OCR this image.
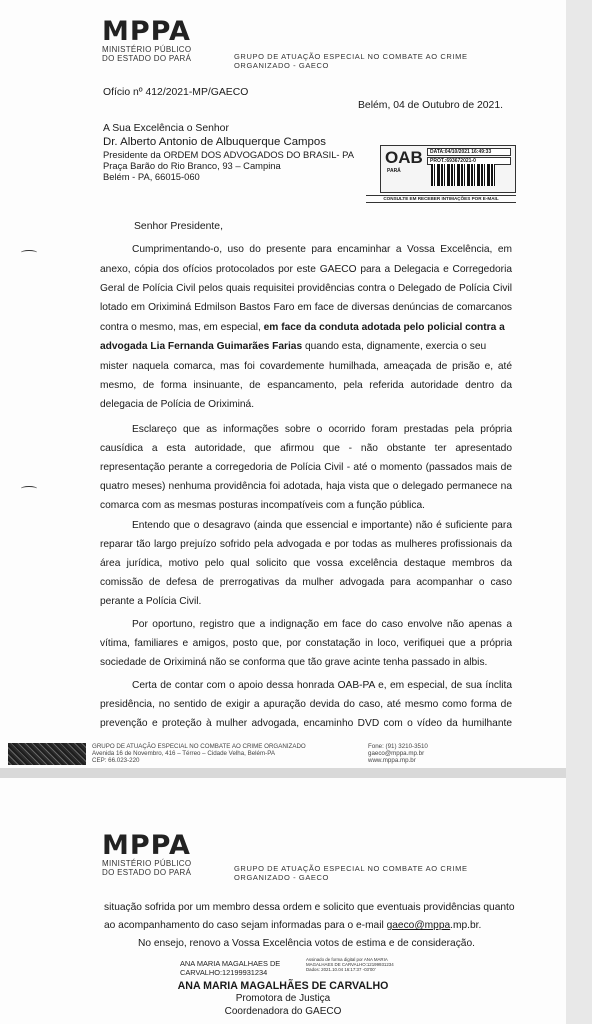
MPPA
MINISTÉRIO PÚBLICO
DO ESTADO DO PARÁ	GRUPO DE ATUAÇÃO ESPECIAL NO COMBATE AO CRIME
ORGANIZADO - GAECO
Ofício nº 412/2021-MP/GAECO
Belém, 04 de Outubro de 2021.
A Sua Excelência o Senhor
Dr. Alberto Antonio de Albuquerque Campos
Presidente da ORDEM DOS ADVOGADOS DO BRASIL- PA
Praça Barão do Rio Branco, 93 – Campina
Belém - PA, 66015-060
OAB
PARÁ
DATA:04/10/2021 16:49:33
PROT.:693672021-0
CONSULTE EM RECEBER INTIMAÇÕES POR E-MAIL
Senhor Presidente,
Cumprimentando-o, uso do presente para encaminhar a Vossa Excelência, em
anexo, cópia dos ofícios protocolados por este GAECO para a Delegacia e Corregedoria
Geral de Polícia Civil pelos quais requisitei providências contra o Delegado de Polícia Civil
lotado em Oriximiná Edmilson Bastos Faro em face de diversas denúncias de comarcanos
contra o mesmo, mas, em especial, em face da conduta adotada pelo policial contra a
advogada Lia Fernanda Guimarães Farias quando esta, dignamente, exercia o seu
mister naquela comarca, mas foi covardemente humilhada, ameaçada de prisão e, até
mesmo, de forma insinuante, de espancamento, pela referida autoridade dentro da
delegacia de Polícia de Oriximiná.
Esclareço que as informações sobre o ocorrido foram prestadas pela própria
causídica a esta autoridade, que afirmou que - não obstante ter apresentado
representação perante a corregedoria de Polícia Civil - até o momento (passados mais de
quatro meses) nenhuma providência foi adotada, haja vista que o delegado permanece na
comarca com as mesmas posturas incompatíveis com a função pública.
Entendo que o desagravo (ainda que essencial e importante) não é suficiente para
reparar tão largo prejuízo sofrido pela advogada e por todas as mulheres profissionais da
área jurídica, motivo pelo qual solicito que vossa excelência destaque membros da
comissão de defesa de prerrogativas da mulher advogada para acompanhar o caso
perante a Polícia Civil.
Por oportuno, registro que a indignação em face do caso envolve não apenas a
vítima, familiares e amigos, posto que, por constatação in loco, verifiquei que a própria
sociedade de Oriximiná não se conforma que tão grave acinte tenha passado in albis.
Certa de contar com o apoio dessa honrada OAB-PA e, em especial, de sua ínclita
presidência, no sentido de exigir a apuração devida do caso, até mesmo como forma de
prevenção e proteção à mulher advogada, encaminho DVD com o vídeo da humilhante
GRUPO DE ATUAÇÃO ESPECIAL NO COMBATE AO CRIME ORGANIZADO
Avenida 16 de Novembro, 416 – Térreo – Cidade Velha, Belém-PA
CEP: 66.023-220
Fone: (91) 3210-3510
gaeco@mppa.mp.br
www.mppa.mp.br
MPPA
MINISTÉRIO PÚBLICO
DO ESTADO DO PARÁ	GRUPO DE ATUAÇÃO ESPECIAL NO COMBATE AO CRIME
ORGANIZADO - GAECO
situação sofrida por um membro dessa ordem e solicito que eventuais providências quanto
ao acompanhamento do caso sejam informadas para o e-mail gaeco@mppa.mp.br.
No ensejo, renovo a Vossa Excelência votos de estima e de consideração.
ANA MARIA MAGALHAES DE
CARVALHO:12199931234
Assinado de forma digital por ANA MARIA
MAGALHAES DE CARVALHO:12199931234
Dados: 2021.10.04 16:17:37 -03'00'
ANA MARIA MAGALHÃES DE CARVALHO
Promotora de Justiça
Coordenadora do GAECO
